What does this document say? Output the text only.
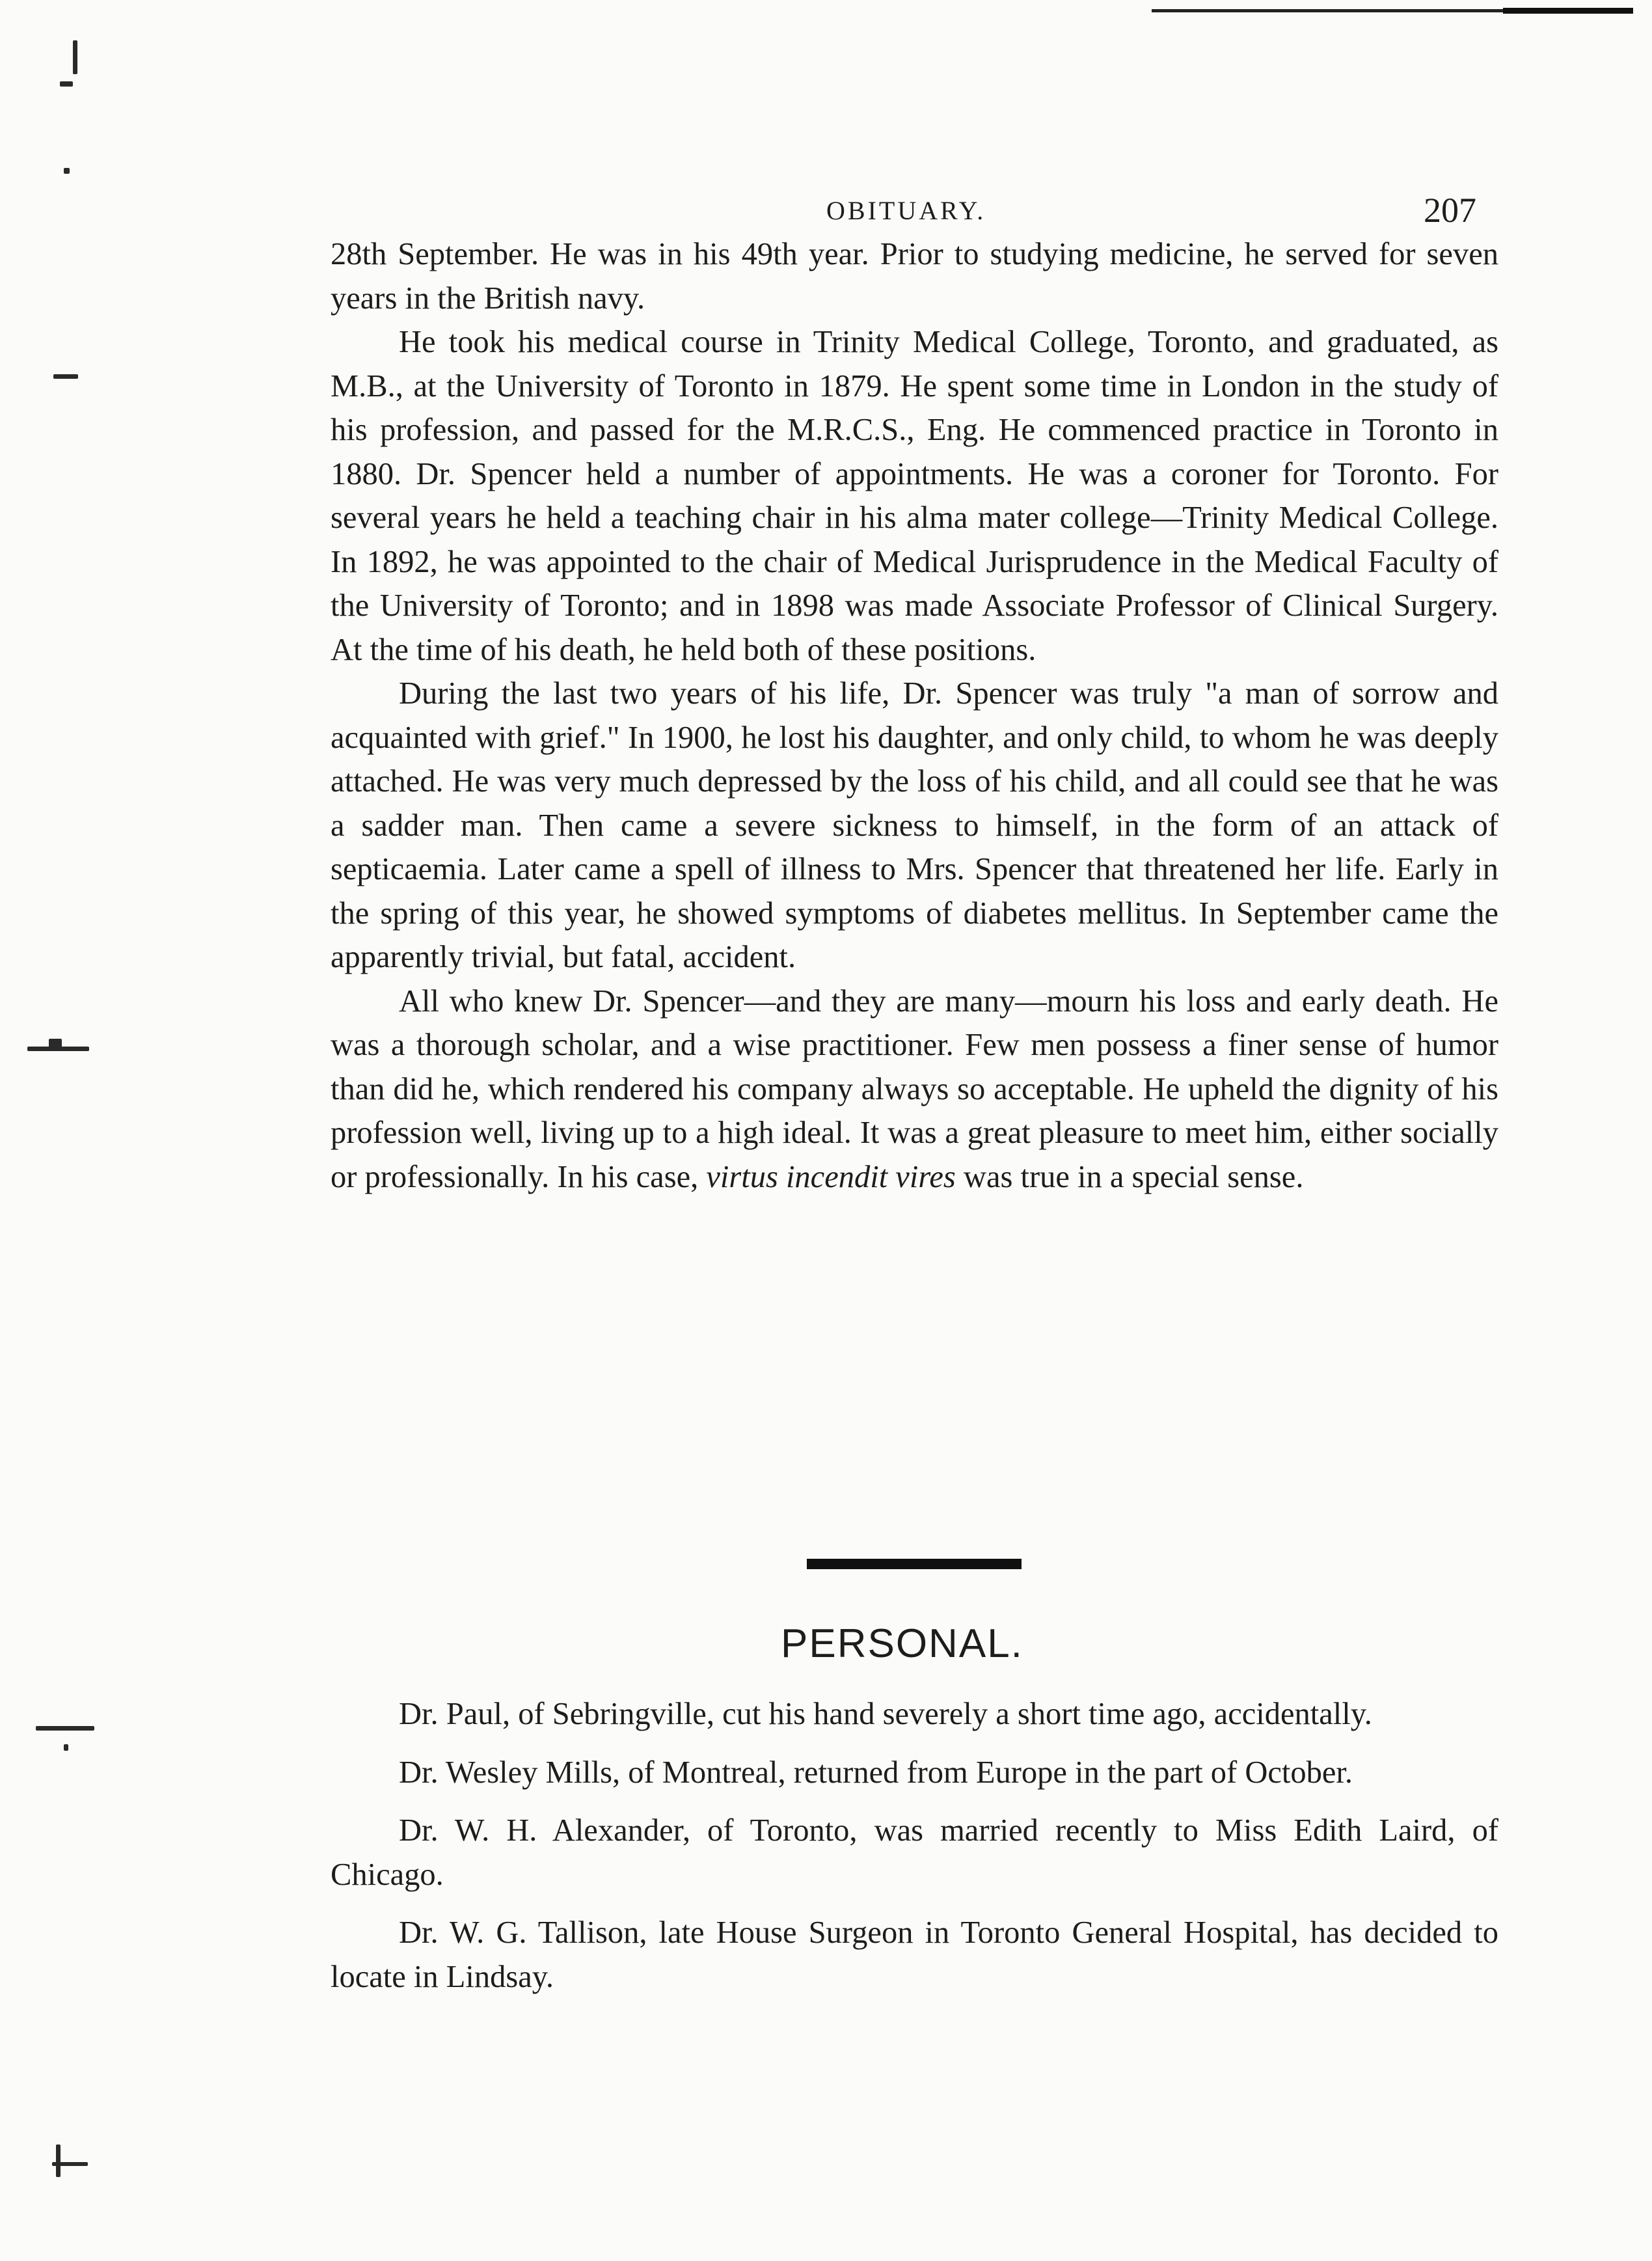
OBITUARY.	207

28th September. He was in his 49th year. Prior to studying medicine, he served for seven years in the British navy.

He took his medical course in Trinity Medical College, Toronto, and graduated, as M.B., at the University of Toronto in 1879. He spent some time in London in the study of his profession, and passed for the M.R.C.S., Eng. He commenced practice in Toronto in 1880. Dr. Spencer held a number of appointments. He was a coroner for Toronto. For several years he held a teaching chair in his alma mater college—Trinity Medical College. In 1892, he was appointed to the chair of Medical Jurisprudence in the Medical Faculty of the University of Toronto; and in 1898 was made Associate Professor of Clinical Surgery. At the time of his death, he held both of these positions.

During the last two years of his life, Dr. Spencer was truly "a man of sorrow and acquainted with grief." In 1900, he lost his daughter, and only child, to whom he was deeply attached. He was very much depressed by the loss of his child, and all could see that he was a sadder man. Then came a severe sickness to himself, in the form of an attack of septicaemia. Later came a spell of illness to Mrs. Spencer that threatened her life. Early in the spring of this year, he showed symptoms of diabetes mellitus. In September came the apparently trivial, but fatal, accident.

All who knew Dr. Spencer—and they are many—mourn his loss and early death. He was a thorough scholar, and a wise practitioner. Few men possess a finer sense of humor than did he, which rendered his company always so acceptable. He upheld the dignity of his profession well, living up to a high ideal. It was a great pleasure to meet him, either socially or professionally. In his case, virtus incendit vires was true in a special sense.

PERSONAL.

Dr. Paul, of Sebringville, cut his hand severely a short time ago, accidentally.

Dr. Wesley Mills, of Montreal, returned from Europe in the part of October.

Dr. W. H. Alexander, of Toronto, was married recently to Miss Edith Laird, of Chicago.

Dr. W. G. Tallison, late House Surgeon in Toronto General Hospital, has decided to locate in Lindsay.
